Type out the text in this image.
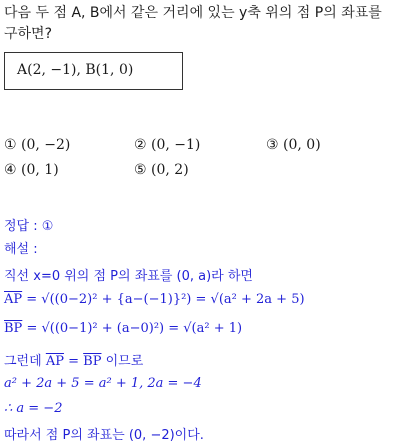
다음 두 점 A, B에서 같은 거리에 있는 y축 위의 점 P의 좌표를
구하면?
A(2, −1), B(1, 0)
① (0, −2)	② (0, −1)	③ (0, 0)
④ (0, 1)	⑤ (0, 2)
정답 : ①
해설 :
직선 x=0 위의 점 P의 좌표를 (0, a)라 하면
$\overline{AP} = √((0-2)^2 + \{a-(-1)\}^2) = √(a^2 + 2a + 5)$
$\overline{BP} = √((0-1)^2 + (a-0)^2) = √(a^2 + 1)$
그런데 $\overline{AP} = \overline{BP}$ 이므로
a² + 2a + 5 = a² + 1, 2a = −4
∴ a = −2
따라서 점 P의 좌표는 (0, −2)이다.
